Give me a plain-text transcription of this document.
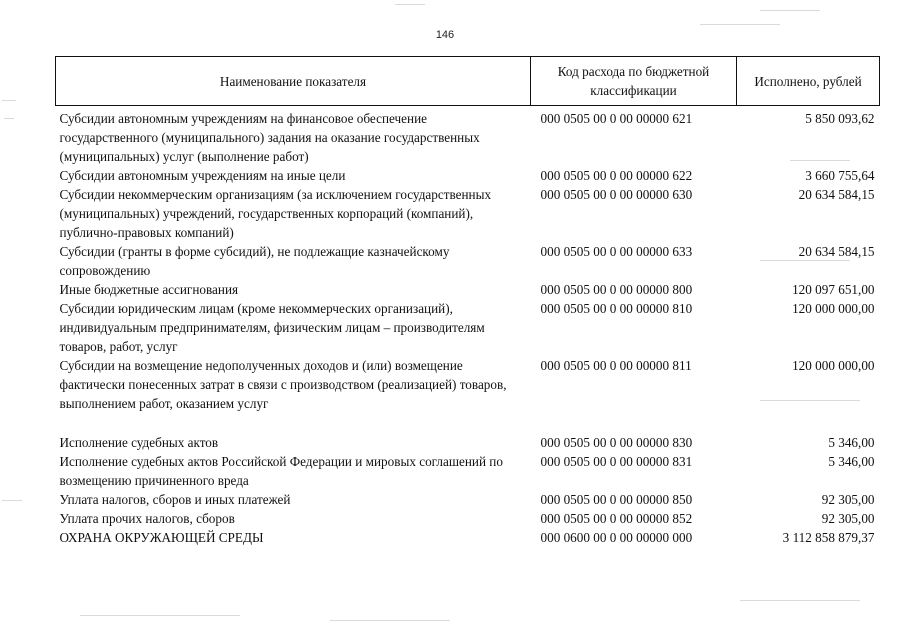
146
Наименование показателя	Код расхода по бюджетной классификации	Исполнено, рублей
Субсидии автономным учреждениям на финансовое обеспечение государственного (муниципального) задания на оказание государственных (муниципальных) услуг (выполнение работ)	000 0505 00 0 00 00000 621	5 850 093,62
Субсидии автономным учреждениям на иные цели	000 0505 00 0 00 00000 622	3 660 755,64
Субсидии некоммерческим организациям (за исключением государственных (муниципальных) учреждений, государственных корпораций (компаний), публично-правовых компаний)	000 0505 00 0 00 00000 630	20 634 584,15
Субсидии (гранты в форме субсидий), не подлежащие казначейскому сопровождению	000 0505 00 0 00 00000 633	20 634 584,15
Иные бюджетные ассигнования	000 0505 00 0 00 00000 800	120 097 651,00
Субсидии юридическим лицам (кроме некоммерческих организаций), индивидуальным предпринимателям, физическим лицам – производителям товаров, работ, услуг	000 0505 00 0 00 00000 810	120 000 000,00
Субсидии на возмещение недополученных доходов и (или) возмещение фактически понесенных затрат в связи с производством (реализацией) товаров, выполнением работ, оказанием услуг	000 0505 00 0 00 00000 811	120 000 000,00
Исполнение судебных актов	000 0505 00 0 00 00000 830	5 346,00
Исполнение судебных актов Российской Федерации и мировых соглашений по возмещению причиненного вреда	000 0505 00 0 00 00000 831	5 346,00
Уплата налогов, сборов и иных платежей	000 0505 00 0 00 00000 850	92 305,00
Уплата прочих налогов, сборов	000 0505 00 0 00 00000 852	92 305,00
ОХРАНА ОКРУЖАЮЩЕЙ СРЕДЫ	000 0600 00 0 00 00000 000	3 112 858 879,37
